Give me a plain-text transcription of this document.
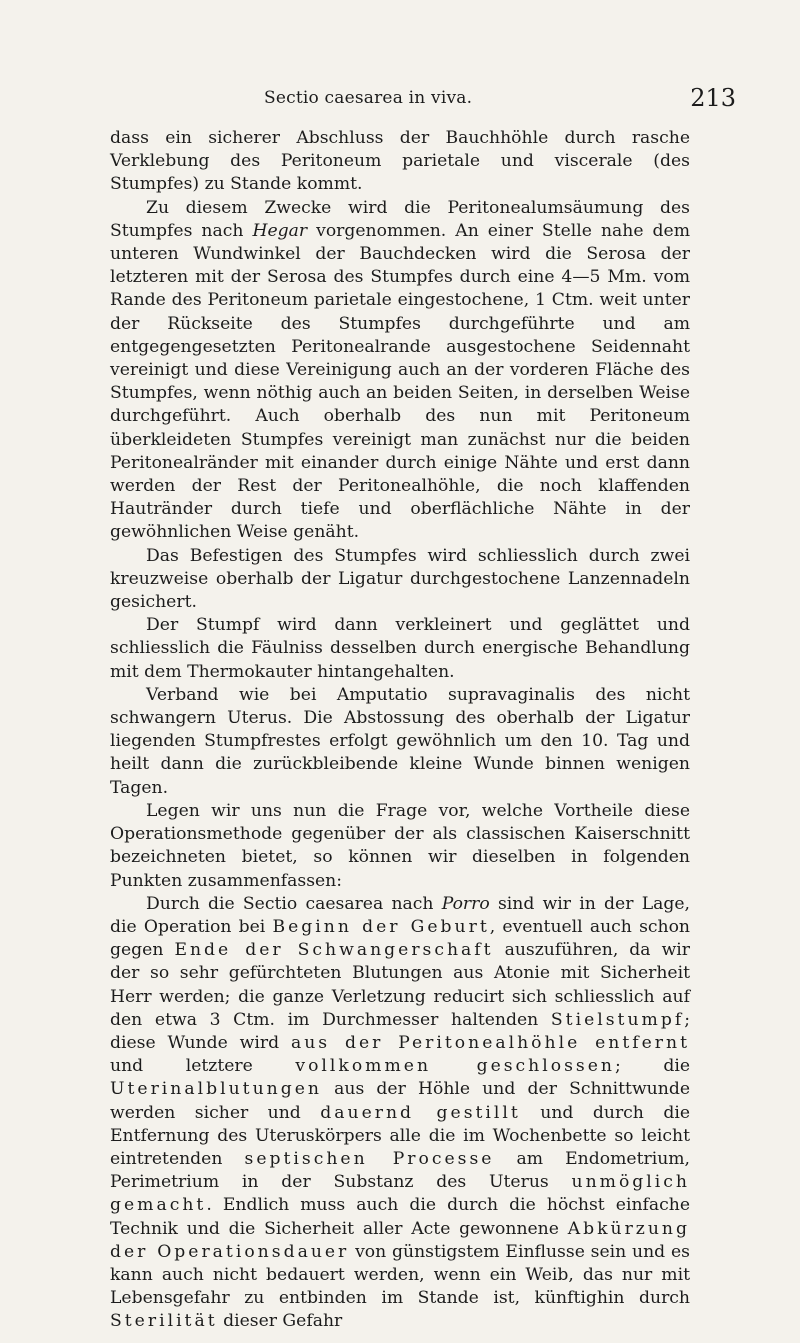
Sectio caesarea in viva.	213

dass ein sicherer Abschluss der Bauchhöhle durch rasche Verklebung des Peritoneum parietale und viscerale (des Stumpfes) zu Stande kommt.

Zu diesem Zwecke wird die Peritonealumsäumung des Stumpfes nach Hegar vorgenommen. An einer Stelle nahe dem unteren Wundwinkel der Bauchdecken wird die Serosa der letzteren mit der Serosa des Stumpfes durch eine 4—5 Mm. vom Rande des Peritoneum parietale eingestochene, 1 Ctm. weit unter der Rückseite des Stumpfes durchgeführte und am entgegengesetzten Peritonealrande ausgestochene Seidennaht vereinigt und diese Vereinigung auch an der vorderen Fläche des Stumpfes, wenn nöthig auch an beiden Seiten, in derselben Weise durchgeführt. Auch oberhalb des nun mit Peritoneum überkleideten Stumpfes vereinigt man zunächst nur die beiden Peritonealränder mit einander durch einige Nähte und erst dann werden der Rest der Peritonealhöhle, die noch klaffenden Hautränder durch tiefe und oberflächliche Nähte in der gewöhnlichen Weise genäht.

Das Befestigen des Stumpfes wird schliesslich durch zwei kreuzweise oberhalb der Ligatur durchgestochene Lanzennadeln gesichert.

Der Stumpf wird dann verkleinert und geglättet und schliesslich die Fäulniss desselben durch energische Behandlung mit dem Thermokauter hintangehalten.

Verband wie bei Amputatio supravaginalis des nicht schwangern Uterus. Die Abstossung des oberhalb der Ligatur liegenden Stumpfrestes erfolgt gewöhnlich um den 10. Tag und heilt dann die zurückbleibende kleine Wunde binnen wenigen Tagen.

Legen wir uns nun die Frage vor, welche Vortheile diese Operationsmethode gegenüber der als classischen Kaiserschnitt bezeichneten bietet, so können wir dieselben in folgenden Punkten zusammenfassen:

Durch die Sectio caesarea nach Porro sind wir in der Lage, die Operation bei Beginn der Geburt, eventuell auch schon gegen Ende der Schwangerschaft auszuführen, da wir der so sehr gefürchteten Blutungen aus Atonie mit Sicherheit Herr werden; die ganze Verletzung reducirt sich schliesslich auf den etwa 3 Ctm. im Durchmesser haltenden Stielstumpf; diese Wunde wird aus der Peritonealhöhle entfernt und letztere vollkommen geschlossen; die Uterinalblutungen aus der Höhle und der Schnittwunde werden sicher und dauernd gestillt und durch die Entfernung des Uteruskörpers alle die im Wochenbette so leicht eintretenden septischen Processe am Endometrium, Perimetrium in der Substanz des Uterus unmöglich gemacht. Endlich muss auch die durch die höchst einfache Technik und die Sicherheit aller Acte gewonnene Abkürzung der Operationsdauer von günstigstem Einflusse sein und es kann auch nicht bedauert werden, wenn ein Weib, das nur mit Lebensgefahr zu entbinden im Stande ist, künftighin durch Sterilität dieser Gefahr
